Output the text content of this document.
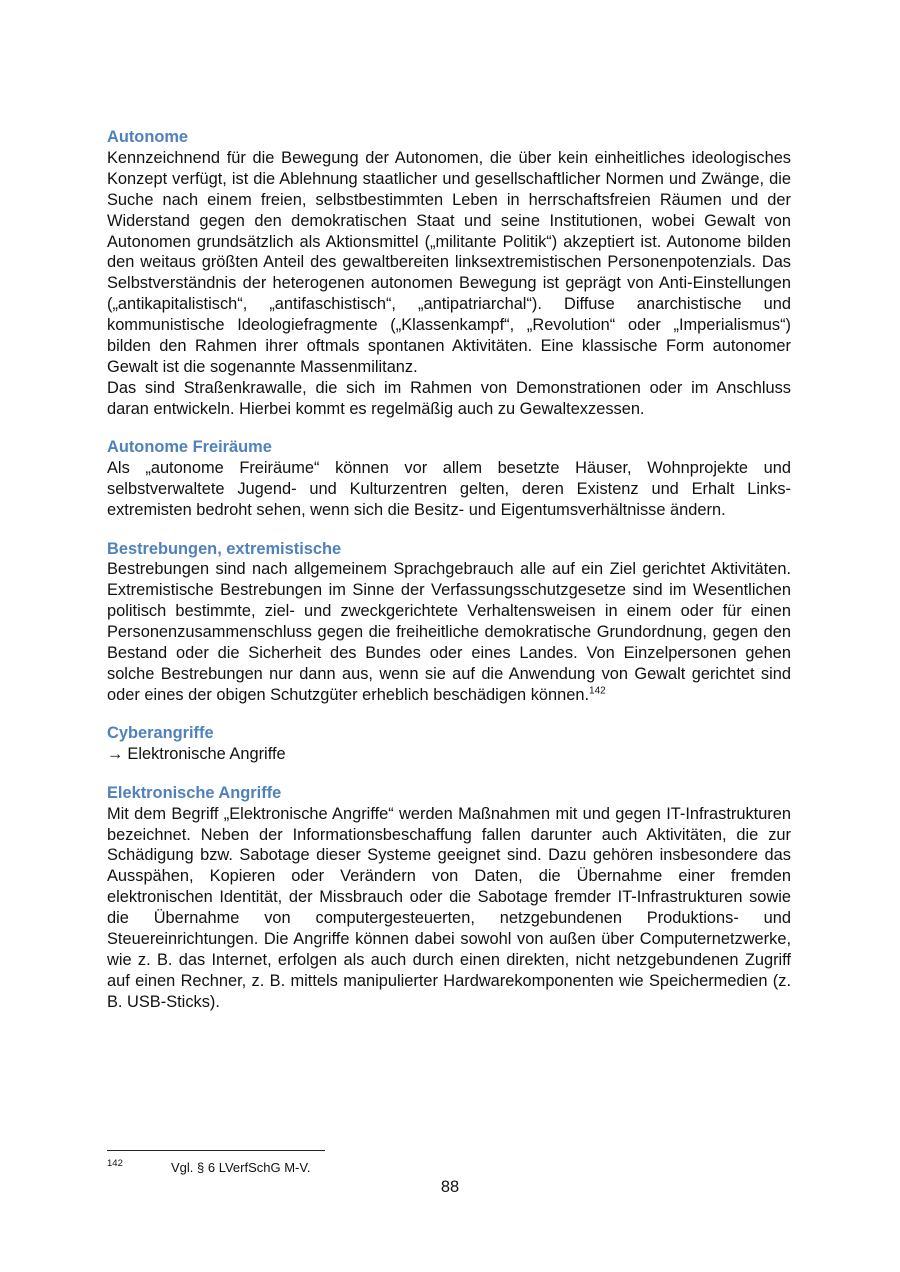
Autonome

Kennzeichnend für die Bewegung der Autonomen, die über kein einheitliches ideologisches Konzept verfügt, ist die Ablehnung staatlicher und gesellschaftlicher Normen und Zwänge, die Suche nach einem freien, selbstbestimmten Leben in herrschaftsfreien Räumen und der Widerstand gegen den demokratischen Staat und seine Institutionen, wobei Gewalt von Autonomen grundsätzlich als Aktionsmittel („militante Politik“) akzeptiert ist. Autonome bilden den weitaus größten Anteil des gewaltbereiten linksextremistischen Personenpotenzials. Das Selbstverständnis der heterogenen autonomen Bewegung ist geprägt von Anti-Einstellungen („antikapitalistisch“, „antifaschistisch“, „antipatriarchal“). Diffuse anarchistische und kommunistische Ideologiefragmente („Klassenkampf“, „Revolution“ oder „Imperialismus“) bilden den Rahmen ihrer oftmals spontanen Aktivitäten. Eine klassische Form autonomer Gewalt ist die sogenannte Massenmilitanz.

Das sind Straßenkrawalle, die sich im Rahmen von Demonstrationen oder im Anschluss daran entwickeln. Hierbei kommt es regelmäßig auch zu Gewaltexzessen.

Autonome Freiräume

Als „autonome Freiräume“ können vor allem besetzte Häuser, Wohnprojekte und selbstverwaltete Jugend- und Kulturzentren gelten, deren Existenz und Erhalt Linksextremisten bedroht sehen, wenn sich die Besitz- und Eigentumsverhältnisse ändern.

Bestrebungen, extremistische

Bestrebungen sind nach allgemeinem Sprachgebrauch alle auf ein Ziel gerichtet Aktivitäten. Extremistische Bestrebungen im Sinne der Verfassungsschutzgesetze sind im Wesentlichen politisch bestimmte, ziel- und zweckgerichtete Verhaltensweisen in einem oder für einen Personenzusammenschluss gegen die freiheitliche demokratische Grundordnung, gegen den Bestand oder die Sicherheit des Bundes oder eines Landes. Von Einzelpersonen gehen solche Bestrebungen nur dann aus, wenn sie auf die Anwendung von Gewalt gerichtet sind oder eines der obigen Schutzgüter erheblich beschädigen können.$^{142}$

Cyberangriffe

→ Elektronische Angriffe

Elektronische Angriffe

Mit dem Begriff „Elektronische Angriffe“ werden Maßnahmen mit und gegen IT-Infrastrukturen bezeichnet. Neben der Informationsbeschaffung fallen darunter auch Aktivitäten, die zur Schädigung bzw. Sabotage dieser Systeme geeignet sind. Dazu gehören insbesondere das Ausspähen, Kopieren oder Verändern von Daten, die Übernahme einer fremden elektronischen Identität, der Missbrauch oder die Sabotage fremder IT-Infrastrukturen sowie die Übernahme von computergesteuerten, netzgebundenen Produktions- und Steuereinrichtungen. Die Angriffe können dabei sowohl von außen über Computernetzwerke, wie z. B. das Internet, erfolgen als auch durch einen direkten, nicht netzgebundenen Zugriff auf einen Rechner, z. B. mittels manipulierter Hardwarekomponenten wie Speichermedien (z. B. USB-Sticks).

142	Vgl. § 6 LVerfSchG M-V.
88
